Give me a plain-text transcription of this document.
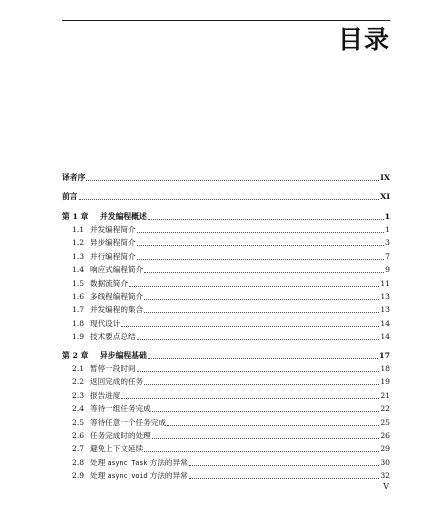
目录
译者序	IX
前言	XI
第 1 章	并发编程概述	1
1.1 并发编程简介	1
1.2 异步编程简介	3
1.3 并行编程简介	7
1.4 响应式编程简介	9
1.5 数据流简介	11
1.6 多线程编程简介	13
1.7 并发编程的集合	13
1.8 现代设计	14
1.9 技术要点总结	14
第 2 章	异步编程基础	17
2.1 暂停一段时间	18
2.2 返回完成的任务	19
2.3 报告进度	21
2.4 等待一组任务完成	22
2.5 等待任意一个任务完成	25
2.6 任务完成时的处理	26
2.7 避免上下文延续	29
2.8 处理 async Task 方法的异常	30
2.9 处理 async void 方法的异常	32
V
